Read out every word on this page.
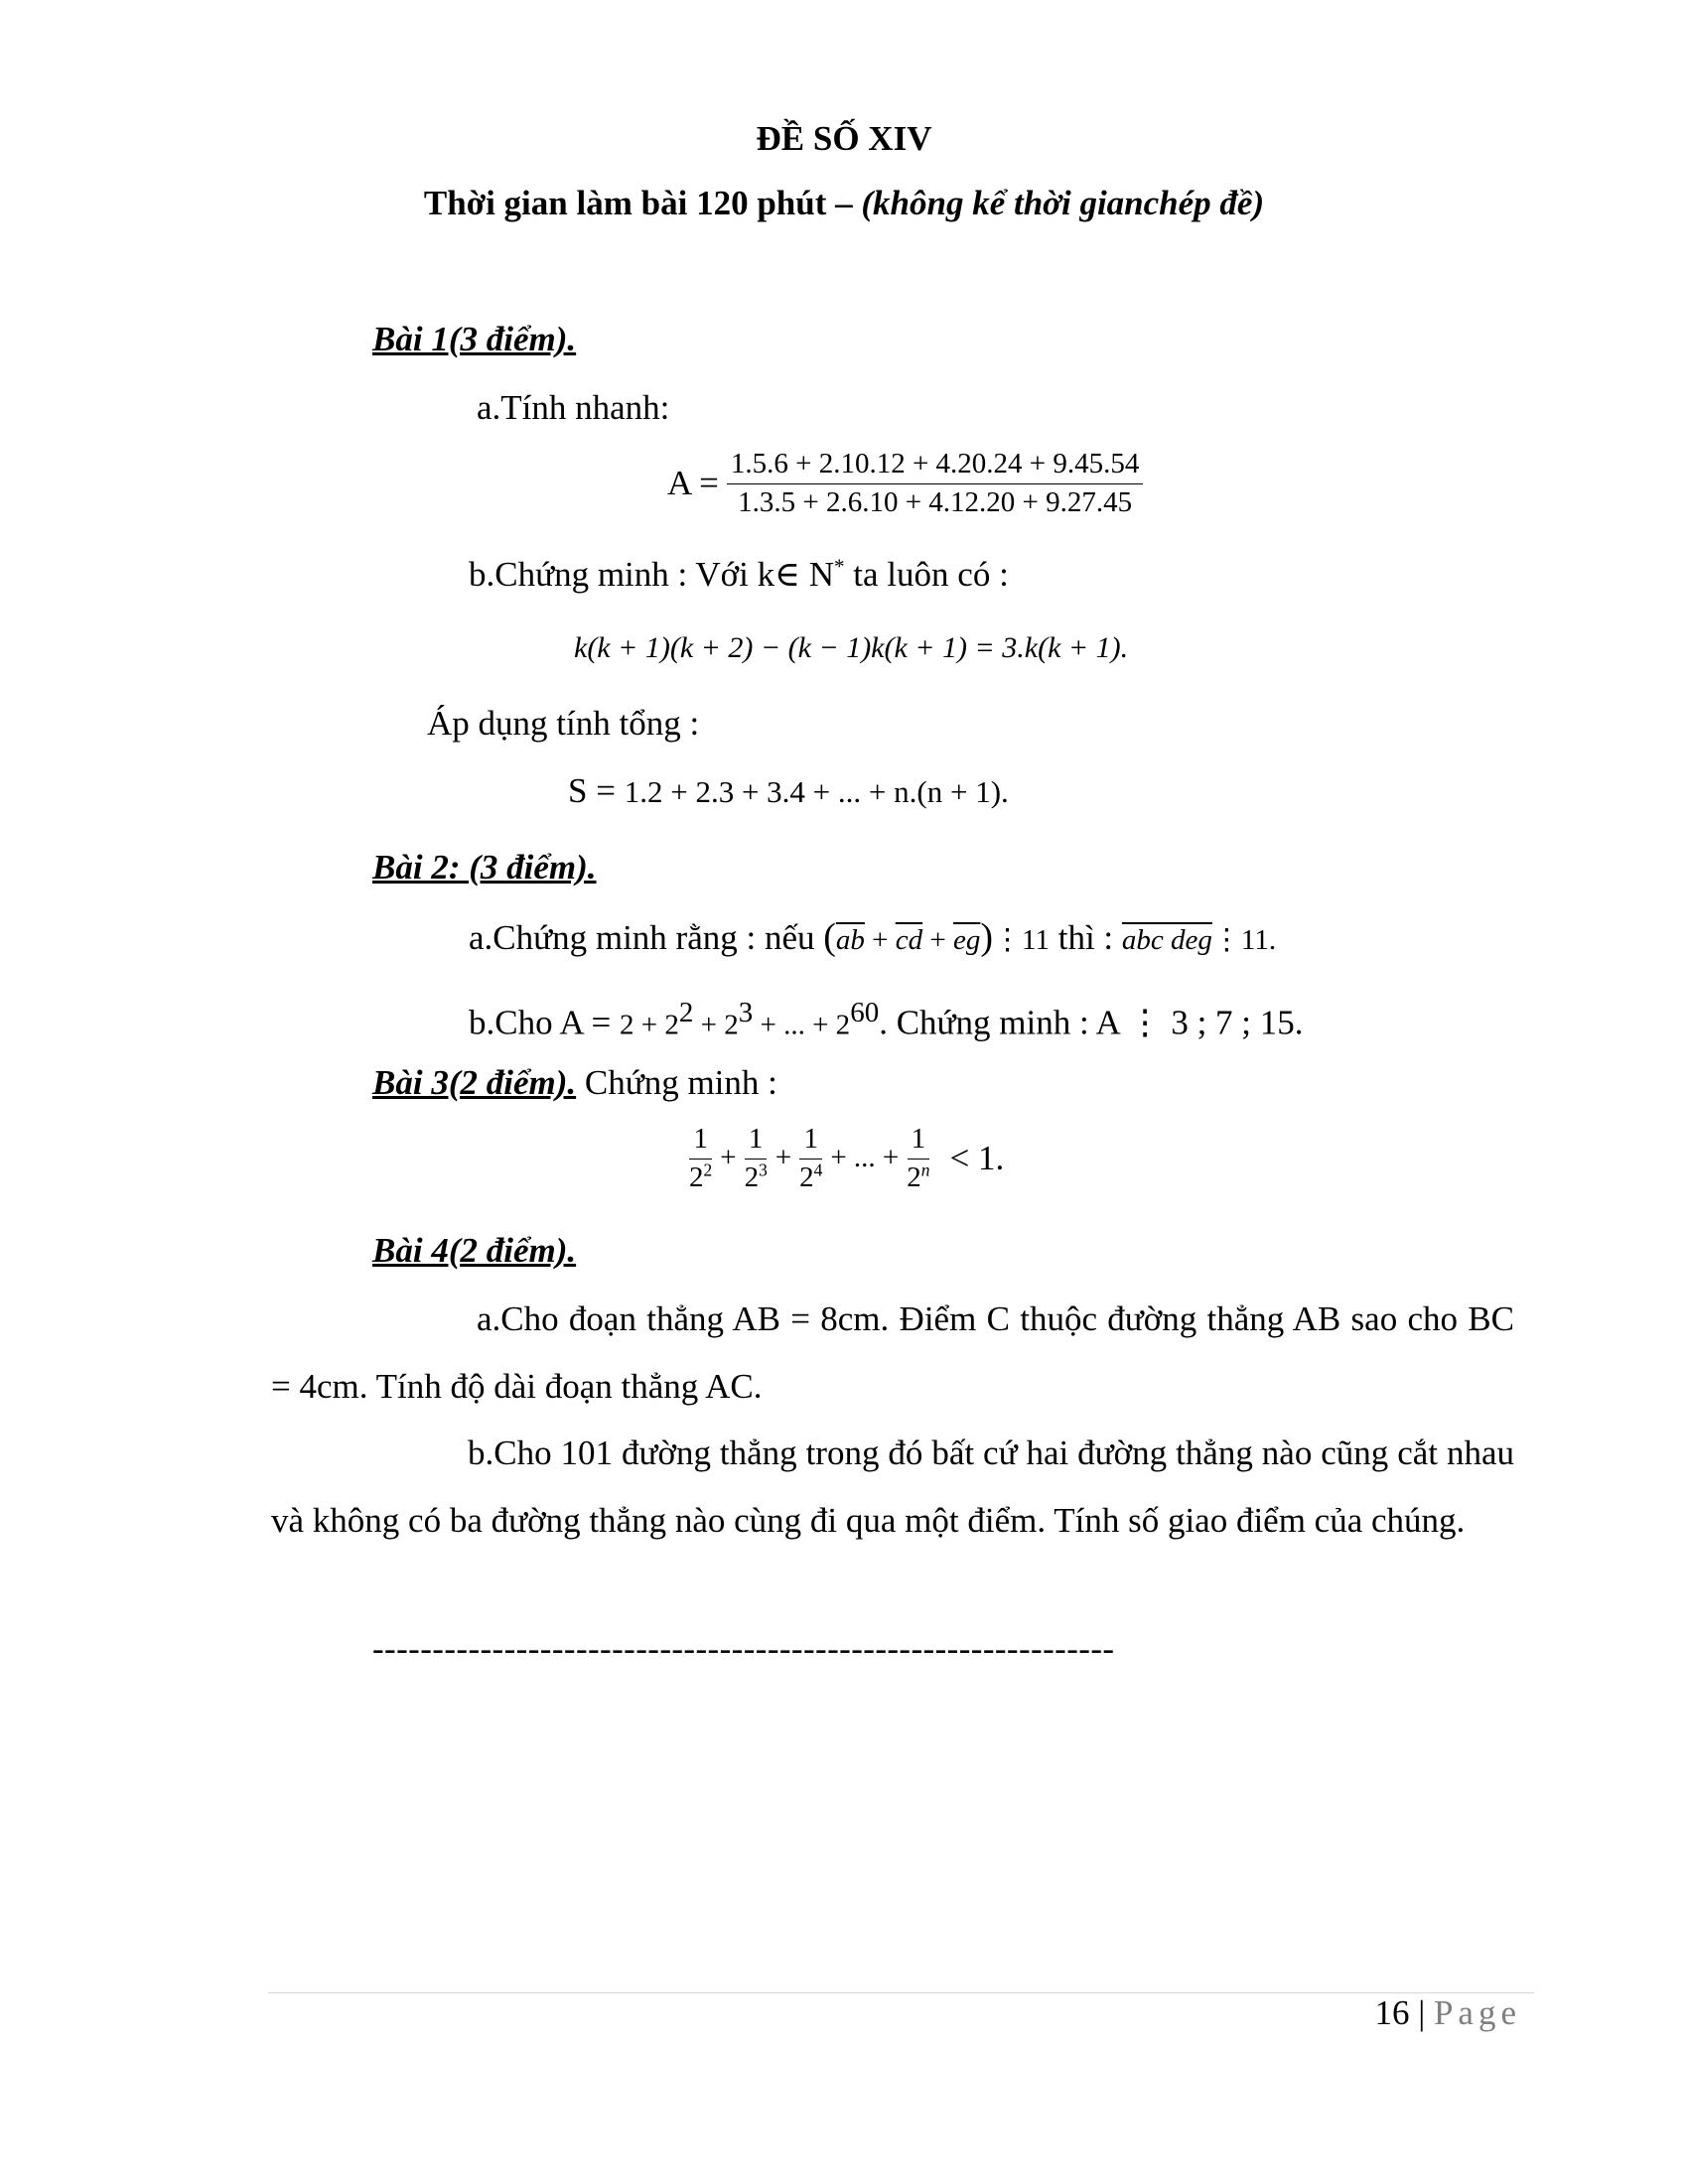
ĐỀ SỐ XIV
Thời gian làm bài 120 phút – (không kể thời gianchép đề)
Bài 1(3 điểm).
a.Tính nhanh:
$A = \frac{1.5.6 + 2.10.12 + 4.20.24 + 9.45.54}{1.3.5 + 2.6.10 + 4.12.20 + 9.27.45}$
b.Chứng minh : Với k∈ N* ta luôn có :
k(k + 1)(k + 2) − (k − 1)k(k + 1) = 3.k(k + 1).
Áp dụng tính tổng :
S = 1.2 + 2.3 + 3.4 + ... + n.(n + 1).
Bài 2: (3 điểm).
a.Chứng minh rằng : nếu ($\overline{ab} + \overline{cd}$ + $\overline{eg})⋮11$ thì : abc deg⋮11.
b.Cho $A = 2 + 2^2 + 2^3$ + ... + $2^{60}$. Chứng minh : A ⋮ 3 ; 7 ; 15.
Bài 3(2 điểm). Chứng minh :
$\frac{1}{2^2} + \frac{1}{2^3} + \frac{1}{2^4}$ + ... + $\frac{1}{2^n} < 1$.
Bài 4(2 điểm).
a.Cho đoạn thẳng AB = 8cm. Điểm C thuộc đường thẳng AB sao cho BC = 4cm. Tính độ dài đoạn thẳng AC.
b.Cho 101 đường thẳng trong đó bất cứ hai đường thẳng nào cũng cắt nhau và không có ba đường thẳng nào cùng đi qua một điểm. Tính số giao điểm của chúng.
--------------------------------------------------------------
16 | Page
